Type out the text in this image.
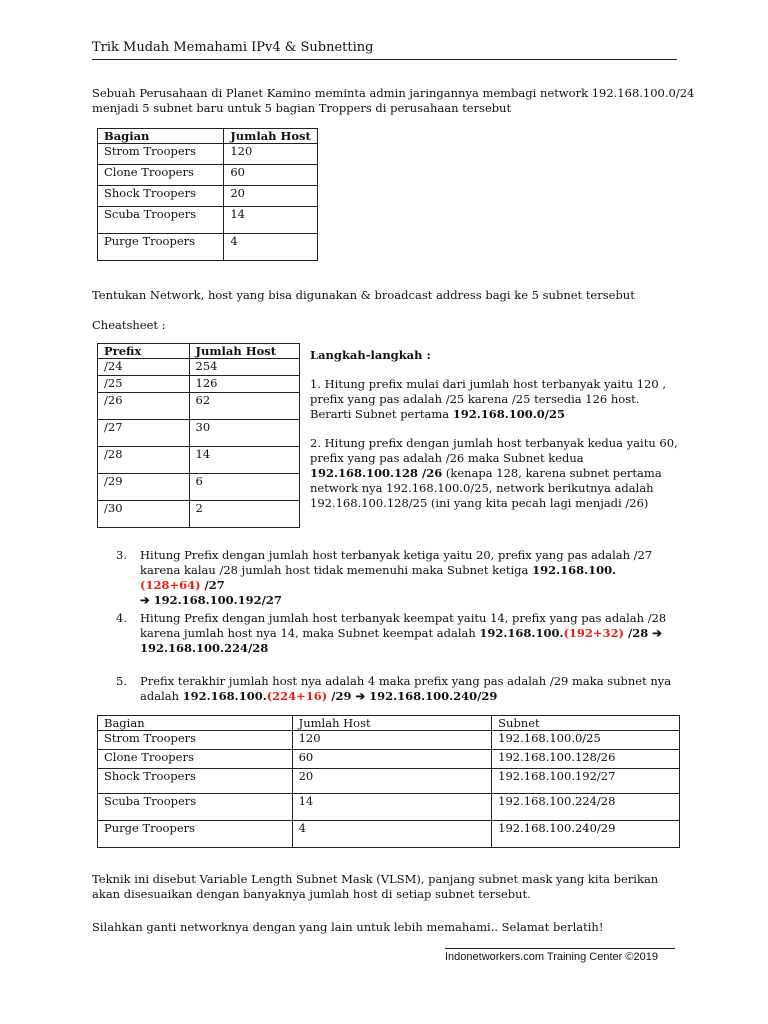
Trik Mudah Memahami IPv4 & Subnetting
Sebuah Perusahaan di Planet Kamino meminta admin jaringannya membagi network 192.168.100.0/24
menjadi 5 subnet baru untuk 5 bagian Troppers di perusahaan tersebut
Bagian	Jumlah Host
Strom Troopers	120
Clone Troopers	60
Shock Troopers	20
Scuba Troopers	14
Purge Troopers	4
Tentukan Network, host yang bisa digunakan & broadcast address bagi ke 5 subnet tersebut
Cheatsheet :
Prefix	Jumlah Host
/24	254
/25	126
/26	62
/27	30
/28	14
/29	6
/30	2
Langkah-langkah :

1. Hitung prefix mulai dari jumlah host terbanyak yaitu 120 , prefix yang pas adalah /25 karena /25 tersedia 126 host. Berarti Subnet pertama 192.168.100.0/25

2. Hitung prefix dengan jumlah host terbanyak kedua yaitu 60, prefix yang pas adalah /26 maka Subnet kedua 192.168.100.128 /26 (kenapa 128, karena subnet pertama network nya 192.168.100.0/25, network berikutnya adalah 192.168.100.128/25 (ini yang kita pecah lagi menjadi /26)

3. Hitung Prefix dengan jumlah host terbanyak ketiga yaitu 20, prefix yang pas adalah /27 karena kalau /28 jumlah host tidak memenuhi maka Subnet ketiga 192.168.100.(128+64) /27
➔ 192.168.100.192/27
4. Hitung Prefix dengan jumlah host terbanyak keempat yaitu 14, prefix yang pas adalah /28 karena jumlah host nya 14, maka Subnet keempat adalah 192.168.100.(192+32) /28 ➔
192.168.100.224/28
5. Prefix terakhir jumlah host nya adalah 4 maka prefix yang pas adalah /29 maka subnet nya adalah 192.168.100.(224+16) /29 ➔ 192.168.100.240/29
Bagian	Jumlah Host	Subnet
Strom Troopers	120	192.168.100.0/25
Clone Troopers	60	192.168.100.128/26
Shock Troopers	20	192.168.100.192/27
Scuba Troopers	14	192.168.100.224/28
Purge Troopers	4	192.168.100.240/29
Teknik ini disebut Variable Length Subnet Mask (VLSM), panjang subnet mask yang kita berikan
akan disesuaikan dengan banyaknya jumlah host di setiap subnet tersebut.
Silahkan ganti networknya dengan yang lain untuk lebih memahami.. Selamat berlatih!
Indonetworkers.com Training Center ©2019
